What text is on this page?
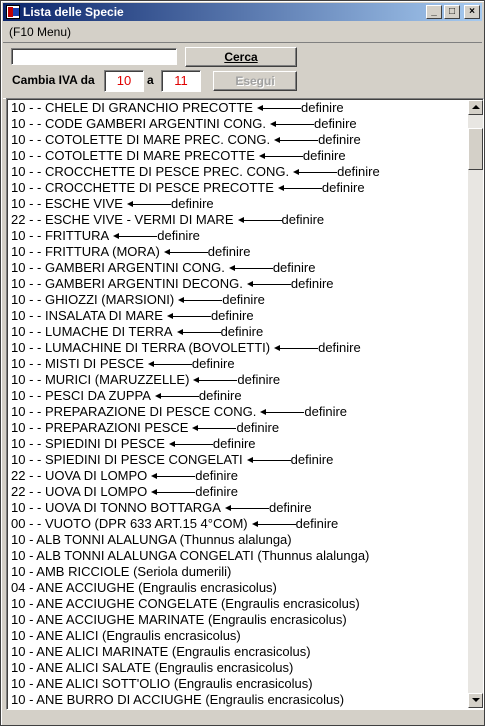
Lista delle Specie	_	□	×
(F10 Menu)
Cerca
Cambia IVA da	10	a	11	Esegui
10 - - CHELE DI GRANCHIO PRECOTTE	definire
10 - - CODE GAMBERI ARGENTINI CONG.	definire
10 - - COTOLETTE DI MARE PREC. CONG.	definire
10 - - COTOLETTE DI MARE PRECOTTE	definire
10 - - CROCCHETTE DI PESCE PREC. CONG.	definire
10 - - CROCCHETTE DI PESCE PRECOTTE	definire
10 - - ESCHE VIVE	definire
22 - - ESCHE VIVE - VERMI DI MARE	definire
10 - - FRITTURA	definire
10 - - FRITTURA (MORA)	definire
10 - - GAMBERI ARGENTINI CONG.	definire
10 - - GAMBERI ARGENTINI DECONG.	definire
10 - - GHIOZZI (MARSIONI)	definire
10 - - INSALATA DI MARE	definire
10 - - LUMACHE DI TERRA	definire
10 - - LUMACHINE DI TERRA (BOVOLETTI)	definire
10 - - MISTI DI PESCE	definire
10 - - MURICI (MARUZZELLE)	definire
10 - - PESCI DA ZUPPA	definire
10 - - PREPARAZIONE DI PESCE CONG.	definire
10 - - PREPARAZIONI PESCE	definire
10 - - SPIEDINI DI PESCE	definire
10 - - SPIEDINI DI PESCE CONGELATI	definire
22 - - UOVA DI LOMPO	definire
22 - - UOVA DI LOMPO	definire
10 - - UOVA DI TONNO BOTTARGA	definire
00 - - VUOTO (DPR 633 ART.15 4°COM)	definire
10 - ALB TONNI ALALUNGA (Thunnus alalunga)
10 - ALB TONNI ALALUNGA CONGELATI (Thunnus alalunga)
10 - AMB RICCIOLE (Seriola dumerili)
04 - ANE ACCIUGHE (Engraulis encrasicolus)
10 - ANE ACCIUGHE CONGELATE (Engraulis encrasicolus)
10 - ANE ACCIUGHE MARINATE (Engraulis encrasicolus)
10 - ANE ALICI (Engraulis encrasicolus)
10 - ANE ALICI MARINATE (Engraulis encrasicolus)
10 - ANE ALICI SALATE (Engraulis encrasicolus)
10 - ANE ALICI SOTT'OLIO (Engraulis encrasicolus)
10 - ANE BURRO DI ACCIUGHE (Engraulis encrasicolus)
